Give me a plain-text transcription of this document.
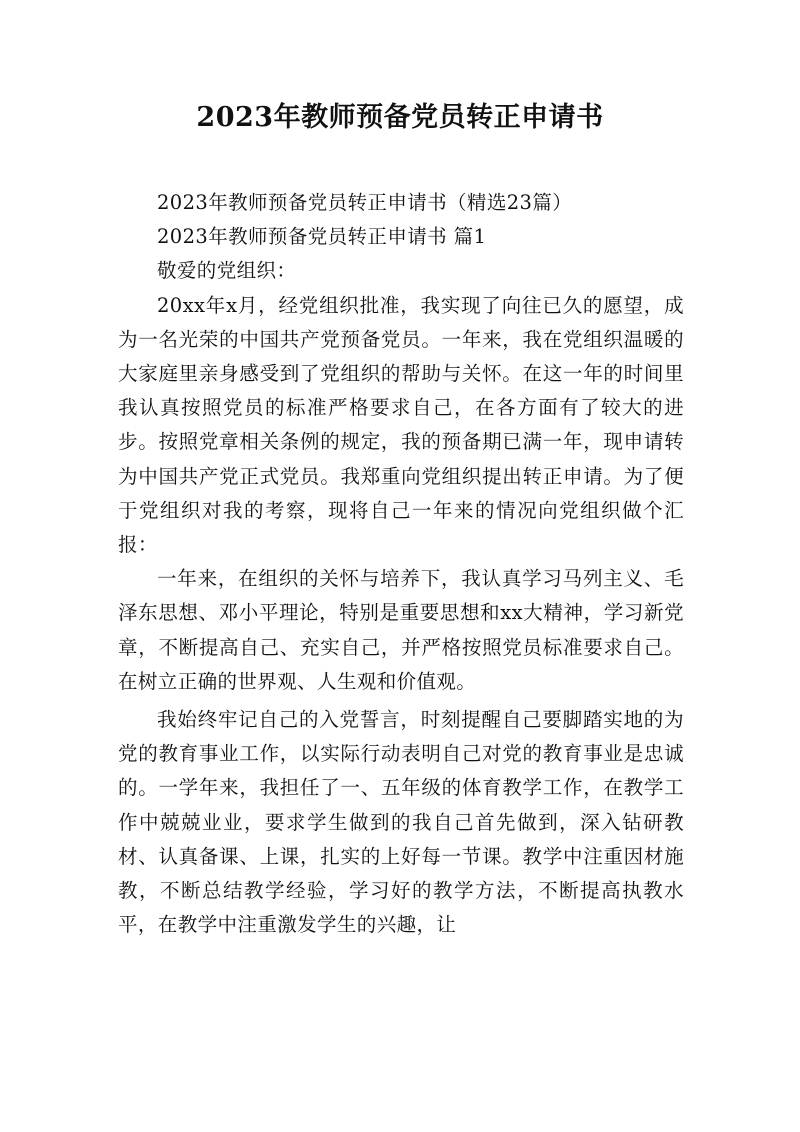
2023年教师预备党员转正申请书

2023年教师预备党员转正申请书（精选23篇）

2023年教师预备党员转正申请书 篇1

敬爱的党组织：

20xx年x月，经党组织批准，我实现了向往已久的愿望，成为一名光荣的中国共产党预备党员。一年来，我在党组织温暖的大家庭里亲身感受到了党组织的帮助与关怀。在这一年的时间里我认真按照党员的标准严格要求自己，在各方面有了较大的进步。按照党章相关条例的规定，我的预备期已满一年，现申请转为中国共产党正式党员。我郑重向党组织提出转正申请。为了便于党组织对我的考察，现将自己一年来的情况向党组织做个汇报：

一年来，在组织的关怀与培养下，我认真学习马列主义、毛泽东思想、邓小平理论，特别是重要思想和xx大精神，学习新党章，不断提高自己、充实自己，并严格按照党员标准要求自己。在树立正确的世界观、人生观和价值观。

我始终牢记自己的入党誓言，时刻提醒自己要脚踏实地的为党的教育事业工作，以实际行动表明自己对党的教育事业是忠诚的。一学年来，我担任了一、五年级的体育教学工作，在教学工作中兢兢业业，要求学生做到的我自己首先做到，深入钻研教材、认真备课、上课，扎实的上好每一节课。教学中注重因材施教，不断总结教学经验，学习好的教学方法，不断提高执教水平，在教学中注重激发学生的兴趣，让
